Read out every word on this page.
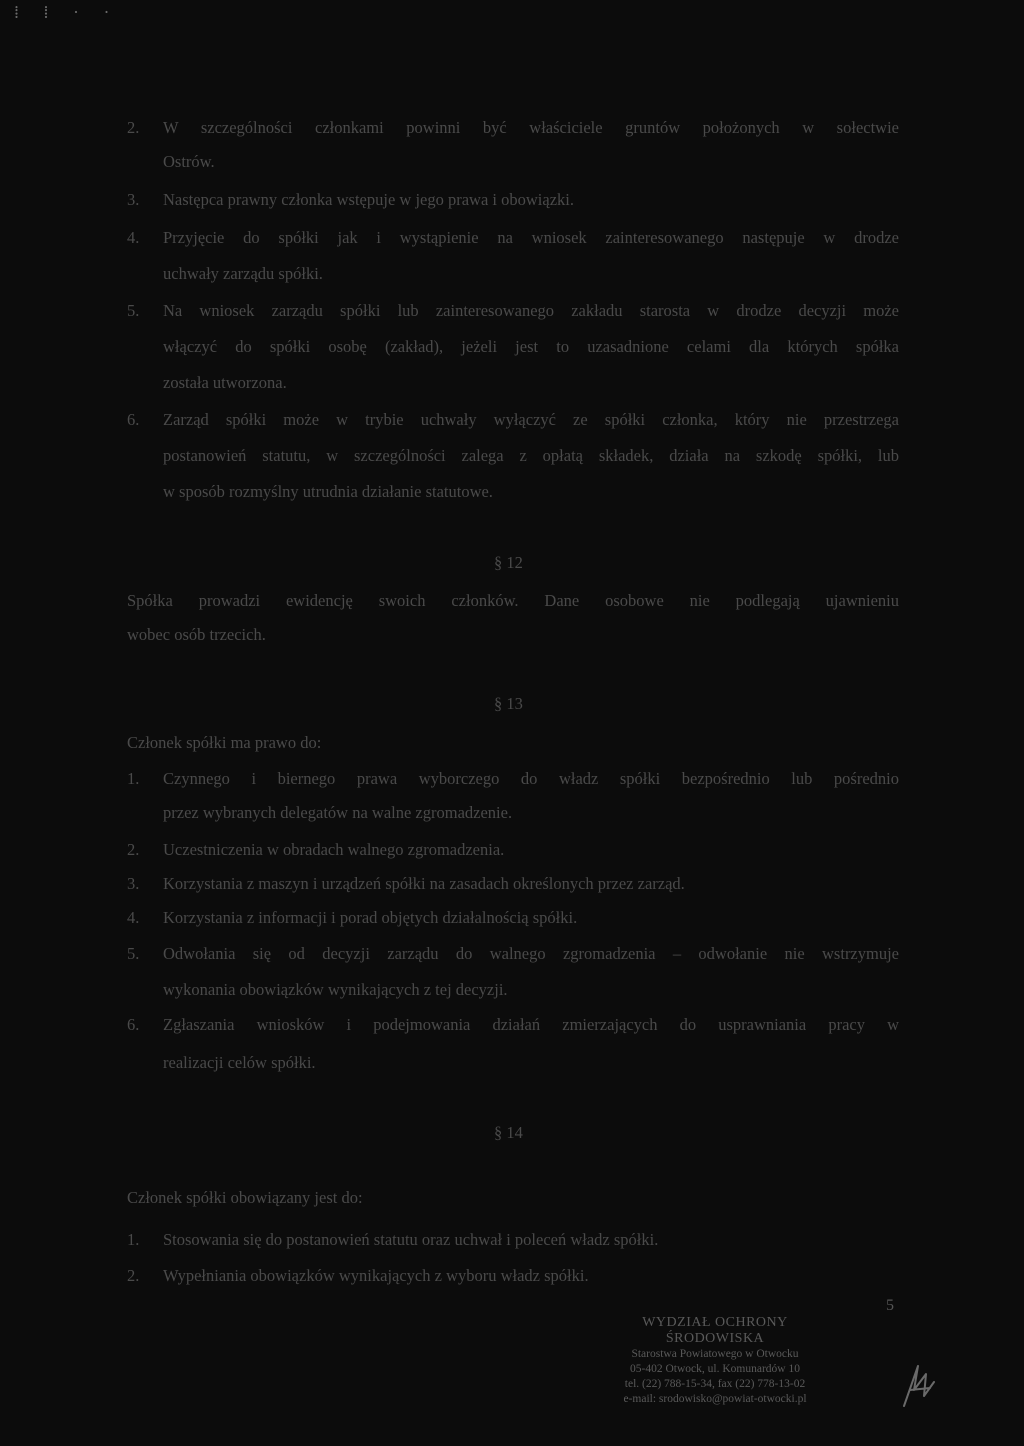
⁞ ⁞ · ·
2. W szczególności członkami powinni być właściciele gruntów położonych w sołectwie
Ostrów.
3. Następca prawny członka wstępuje w jego prawa i obowiązki.
4. Przyjęcie do spółki jak i wystąpienie na wniosek zainteresowanego następuje w drodze
uchwały zarządu spółki.
5. Na wniosek zarządu spółki lub zainteresowanego zakładu starosta w drodze decyzji może
włączyć do spółki osobę (zakład), jeżeli jest to uzasadnione celami dla których spółka
została utworzona.
6. Zarząd spółki może w trybie uchwały wyłączyć ze spółki członka, który nie przestrzega
postanowień statutu, w szczególności zalega z opłatą składek, działa na szkodę spółki, lub
w sposób rozmyślny utrudnia działanie statutowe.
§ 12
Spółka prowadzi ewidencję swoich członków. Dane osobowe nie podlegają ujawnieniu
wobec osób trzecich.
§ 13
Członek spółki ma prawo do:
1. Czynnego i biernego prawa wyborczego do władz spółki bezpośrednio lub pośrednio
przez wybranych delegatów na walne zgromadzenie.
2. Uczestniczenia w obradach walnego zgromadzenia.
3. Korzystania z maszyn i urządzeń spółki na zasadach określonych przez zarząd.
4. Korzystania z informacji i porad objętych działalnością spółki.
5. Odwołania się od decyzji zarządu do walnego zgromadzenia – odwołanie nie wstrzymuje
wykonania obowiązków wynikających z tej decyzji.
6. Zgłaszania wniosków i podejmowania działań zmierzających do usprawniania pracy w
realizacji celów spółki.
§ 14
Członek spółki obowiązany jest do:
1. Stosowania się do postanowień statutu oraz uchwał i poleceń władz spółki.
2. Wypełniania obowiązków wynikających z wyboru władz spółki.
5
WYDZIAŁ OCHRONY
ŚRODOWISKA
Starostwa Powiatowego w Otwocku
05-402 Otwock, ul. Komunardów 10
tel. (22) 788-15-34, fax (22) 778-13-02
e-mail: srodowisko@powiat-otwocki.pl
